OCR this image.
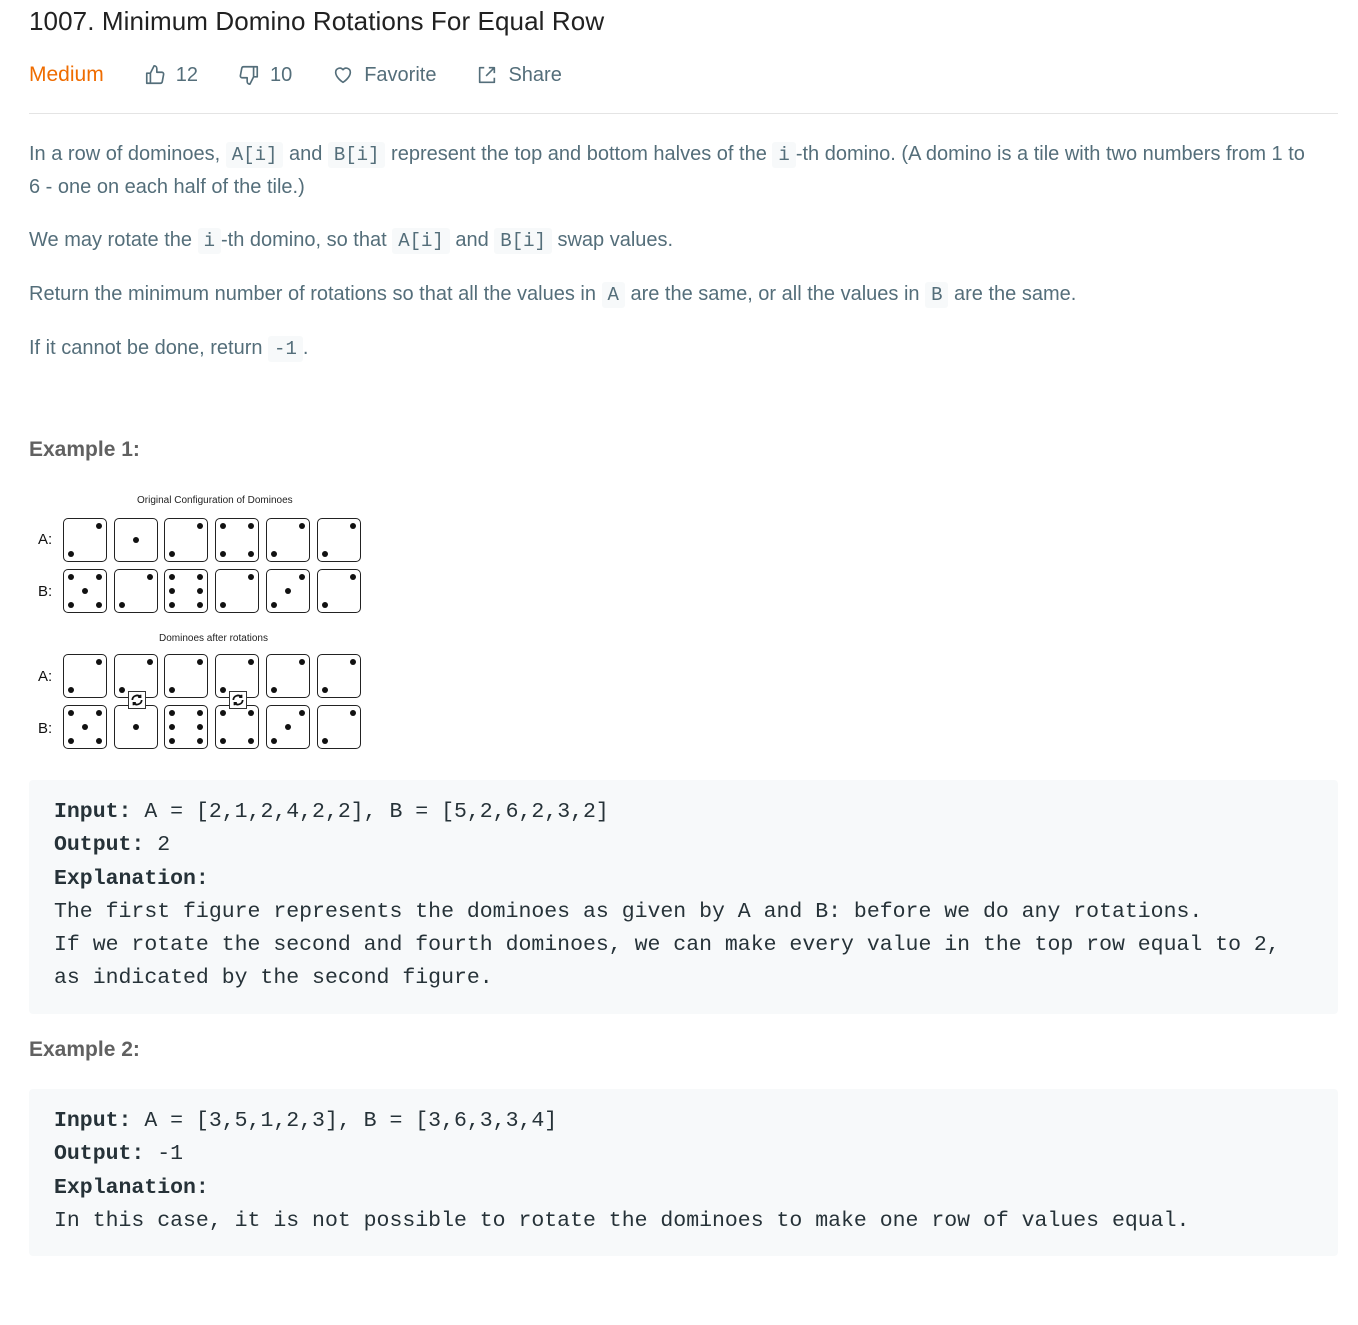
1007. Minimum Domino Rotations For Equal Row
Medium	12	10	Favorite	Share

In a row of dominoes, A[i] and B[i] represent the top and bottom halves of the i -th domino. (A domino is a tile with two numbers from 1 to 6 - one on each half of the tile.)

We may rotate the i -th domino, so that A[i] and B[i] swap values.

Return the minimum number of rotations so that all the values in A are the same, or all the values in B are the same.

If it cannot be done, return -1 .

Example 1:
Original Configuration of Dominoes
Dominoes after rotations
A:
B:
A:
B:
Input: A = [2,1,2,4,2,2], B = [5,2,6,2,3,2]
Output: 2
Explanation:
The first figure represents the dominoes as given by A and B: before we do any rotations.
If we rotate the second and fourth dominoes, we can make every value in the top row equal to 2,
as indicated by the second figure.
Example 2:
Input: A = [3,5,1,2,3], B = [3,6,3,3,4]
Output: -1
Explanation:
In this case, it is not possible to rotate the dominoes to make one row of values equal.
